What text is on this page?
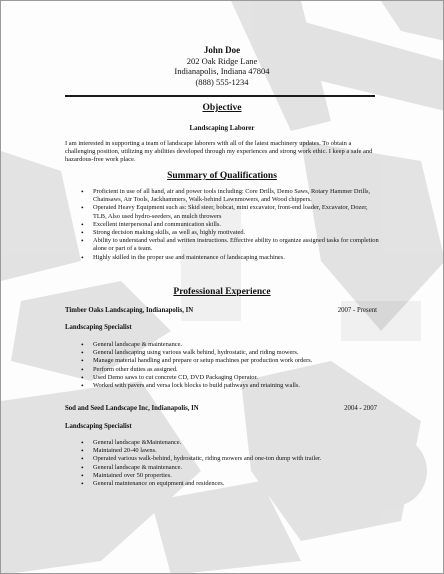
John Doe
202 Oak Ridge Lane
Indianapolis, Indiana 47804
(888) 555-1234
Objective
Landscaping Laborer
I am interested in supporting a team of landscape laborers with all of the latest machinery updates. To obtain a challenging position, utilizing my abilities developed through my experiences and strong work ethic. I keep a safe and hazardous-free work place.
Summary of Qualifications
• Proficient in use of all hand, air and power tools including: Core Drills, Demo Saws, Rotary Hammer Drills, Chainsaws, Air Tools, Jackhammers, Walk-behind Lawnmowers, and Wood chippers.
• Operated Heavy Equipment such as: Skid steer, bobcat, mini excavator, front-end loader, Excavator, Dozer, TLB, Also used hydro-seeders, an mulch throwers
• Excellent interpersonal and communication skills.
• Strong decision making skills, as well as, highly motivated.
• Ability to understand verbal and written instructions. Effective ability to organize assigned tasks for completion alone or part of a team.
• Highly skilled in the proper use and maintenance of landscaping machines.
Professional Experience
Timber Oaks Landscaping, Indianapolis, IN	2007 - Present
Landscaping Specialist
• General landscape & maintenance.
• General landscaping using various walk behind, hydrostatic, and riding mowers.
• Manage material handling and prepare or setup machines per production work orders.
• Perform other duties as assigned.
• Used Demo saws to cut concrete CD, DVD Packaging Operator.
• Worked with pavers and versa lock blocks to build pathways and retaining walls.
Sod and Seed Landscape Inc, Indianapolis, IN	2004 - 2007
Landscaping Specialist
• General landscape &Maintenance.
• Maintained 20-40 lawns.
• Operated various walk-behind, hydrostatic, riding mowers and one-ton dump with trailer.
• General landscape & maintenance.
• Maintained over 50 properties.
• General maintenance on equipment and residences.
